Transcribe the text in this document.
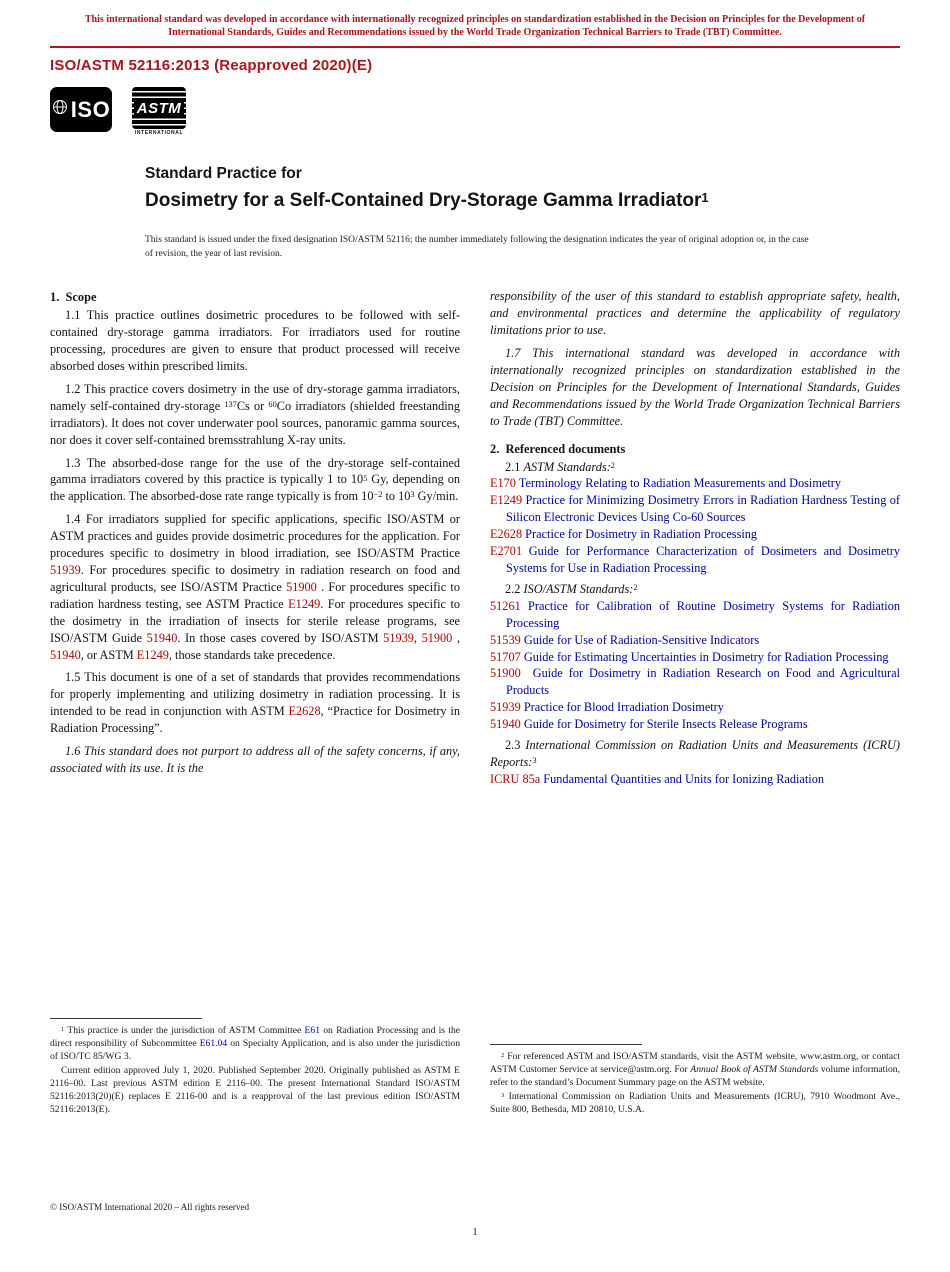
This international standard was developed in accordance with internationally recognized principles on standardization established in the Decision on Principles for the Development of International Standards, Guides and Recommendations issued by the World Trade Organization Technical Barriers to Trade (TBT) Committee.
ISO/ASTM 52116:2013 (Reapproved 2020)(E)
ISO ASTM
INTERNATIONAL
Standard Practice for
Dosimetry for a Self-Contained Dry-Storage Gamma Irradiator$^1$

This standard is issued under the fixed designation ISO/ASTM 52116; the number immediately following the designation indicates the year of original adoption or, in the case of revision, the year of last revision.

1.  Scope

1.1 This practice outlines dosimetric procedures to be followed with self-contained dry-storage gamma irradiators. For irradiators used for routine processing, procedures are given to ensure that product processed will receive absorbed doses within prescribed limits.

1.2 This practice covers dosimetry in the use of dry-storage gamma irradiators, namely self-contained dry-storage $^{137}$Cs or $^{60}$Co irradiators (shielded freestanding irradiators). It does not cover underwater pool sources, panoramic gamma sources, nor does it cover self-contained bremsstrahlung X-ray units.

1.3 The absorbed-dose range for the use of the dry-storage self-contained gamma irradiators covered by this practice is typically 1 to $10^5$ Gy, depending on the application. The absorbed-dose rate range typically is from $10^{-2}$ to $10^3$ Gy/min.

1.4 For irradiators supplied for specific applications, specific ISO/ASTM or ASTM practices and guides provide dosimetric procedures for the application. For procedures specific to dosimetry in blood irradiation, see ISO/ASTM Practice 51939. For procedures specific to dosimetry in radiation research on food and agricultural products, see ISO/ASTM Practice 51900 . For procedures specific to radiation hardness testing, see ASTM Practice E1249. For procedures specific to the dosimetry in the irradiation of insects for sterile release programs, see ISO/ASTM Guide 51940. In those cases covered by ISO/ASTM 51939, 51900 , 51940, or ASTM E1249, those standards take precedence.

1.5 This document is one of a set of standards that provides recommendations for properly implementing and utilizing dosimetry in radiation processing. It is intended to be read in conjunction with ASTM E2628, “Practice for Dosimetry in Radiation Processing”.

1.6 This standard does not purport to address all of the safety concerns, if any, associated with its use. It is the

$^1$ This practice is under the jurisdiction of ASTM Committee E61 on Radiation Processing and is the direct responsibility of Subcommittee E61.04 on Specialty Application, and is also under the jurisdiction of ISO/TC 85/WG 3.

Current edition approved July 1, 2020. Published September 2020. Originally published as ASTM E 2116–00. Last previous ASTM edition E 2116–00. The present International Standard ISO/ASTM 52116:2013(20)(E) replaces E 2116-00 and is a reapproval of the last previous edition ISO/ASTM 52116:2013(E).

responsibility of the user of this standard to establish appropriate safety, health, and environmental practices and determine the applicability of regulatory limitations prior to use.

1.7 This international standard was developed in accordance with internationally recognized principles on standardization established in the Decision on Principles for the Development of International Standards, Guides and Recommendations issued by the World Trade Organization Technical Barriers to Trade (TBT) Committee.

2.  Referenced documents

2.1 ASTM Standards:$^2$

E170 Terminology Relating to Radiation Measurements and Dosimetry

E1249 Practice for Minimizing Dosimetry Errors in Radiation Hardness Testing of Silicon Electronic Devices Using Co-60 Sources

E2628 Practice for Dosimetry in Radiation Processing

E2701 Guide for Performance Characterization of Dosimeters and Dosimetry Systems for Use in Radiation Processing

2.2 ISO/ASTM Standards:$^2$

51261 Practice for Calibration of Routine Dosimetry Systems for Radiation Processing

51539 Guide for Use of Radiation-Sensitive Indicators

51707 Guide for Estimating Uncertainties in Dosimetry for Radiation Processing

51900  Guide for Dosimetry in Radiation Research on Food and Agricultural Products

51939 Practice for Blood Irradiation Dosimetry

51940 Guide for Dosimetry for Sterile Insects Release Programs

2.3 International Commission on Radiation Units and Measurements (ICRU) Reports:$^3$

ICRU 85a Fundamental Quantities and Units for Ionizing Radiation

$^2$ For referenced ASTM and ISO/ASTM standards, visit the ASTM website, www.astm.org, or contact ASTM Customer Service at service@astm.org. For Annual Book of ASTM Standards volume information, refer to the standard’s Document Summary page on the ASTM website.

$^3$ International Commission on Radiation Units and Measurements (ICRU), 7910 Woodmont Ave., Suite 800, Bethesda, MD 20810, U.S.A.

© ISO/ASTM International 2020 – All rights reserved
1
